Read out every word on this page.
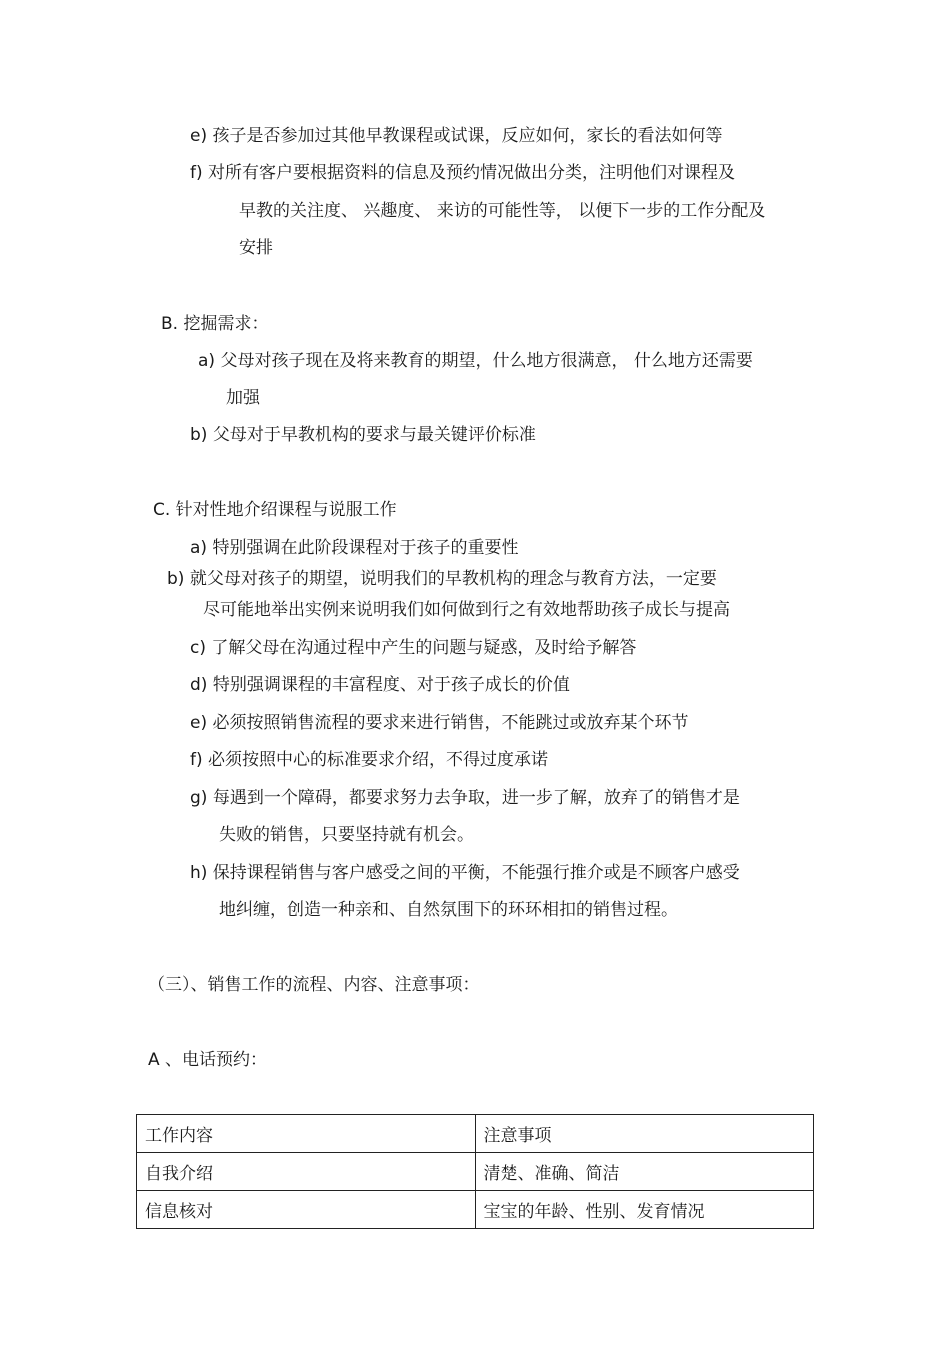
e) 孩子是否参加过其他早教课程或试课，反应如何，家长的看法如何等
f) 对所有客户要根据资料的信息及预约情况做出分类，注明他们对课程及
早教的关注度、 兴趣度、 来访的可能性等， 以便下一步的工作分配及
安排
B. 挖掘需求：
a) 父母对孩子现在及将来教育的期望，什么地方很满意， 什么地方还需要
加强
b) 父母对于早教机构的要求与最关键评价标准
C. 针对性地介绍课程与说服工作
a) 特别强调在此阶段课程对于孩子的重要性
b) 就父母对孩子的期望，说明我们的早教机构的理念与教育方法，一定要
尽可能地举出实例来说明我们如何做到行之有效地帮助孩子成长与提高
c) 了解父母在沟通过程中产生的问题与疑惑，及时给予解答
d) 特别强调课程的丰富程度、对于孩子成长的价值
e) 必须按照销售流程的要求来进行销售，不能跳过或放弃某个环节
f) 必须按照中心的标准要求介绍，不得过度承诺
g) 每遇到一个障碍，都要求努力去争取，进一步了解，放弃了的销售才是
失败的销售，只要坚持就有机会。
h) 保持课程销售与客户感受之间的平衡，不能强行推介或是不顾客户感受
地纠缠，创造一种亲和、自然氛围下的环环相扣的销售过程。
（三）、销售工作的流程、内容、注意事项：
A 、电话预约：
工作内容	注意事项
自我介绍	清楚、准确、简洁
信息核对	宝宝的年龄、性别、发育情况
